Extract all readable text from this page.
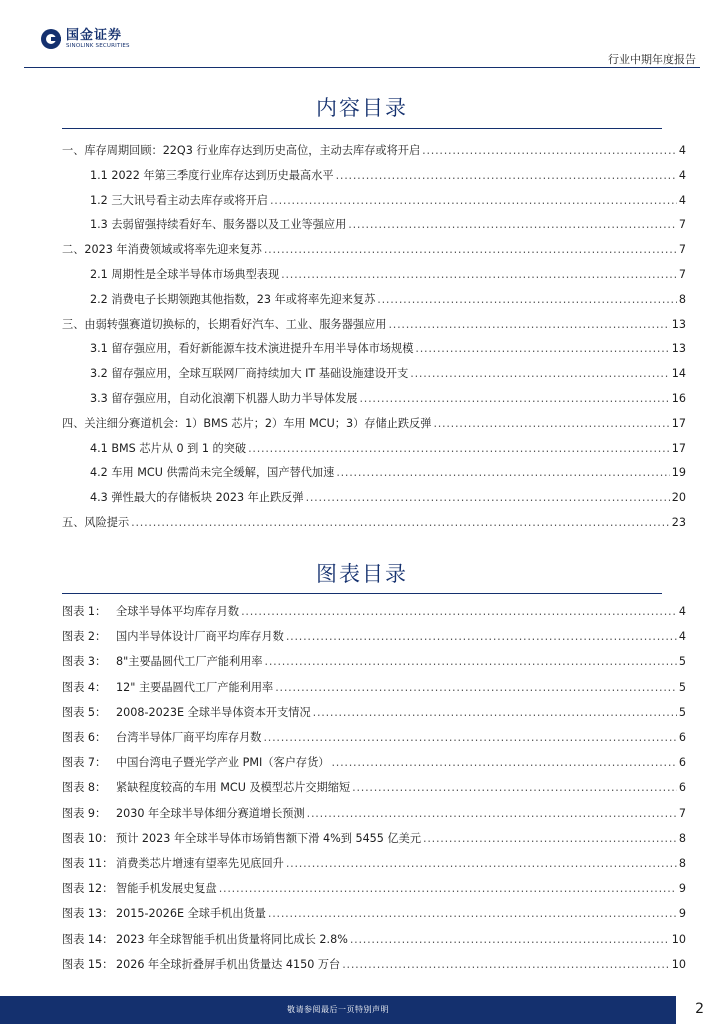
国金证券
SINOLINK SECURITIES
行业中期年度报告
内容目录
一、库存周期回顾：22Q3 行业库存达到历史高位，主动去库存或将开启 . . .	4
1.1 2022 年第三季度行业库存达到历史最高水平 . . .	4
1.2 三大讯号看主动去库存或将开启 . . .	4
1.3 去弱留强持续看好车、服务器以及工业等强应用 . . .	7
二、2023 年消费领域或将率先迎来复苏 . . .	7
2.1 周期性是全球半导体市场典型表现 . . .	7
2.2 消费电子长期领跑其他指数，23 年或将率先迎来复苏 . . .	8
三、由弱转强赛道切换标的，长期看好汽车、工业、服务器强应用 . . .	13
3.1 留存强应用，看好新能源车技术演进提升车用半导体市场规模 . . .	13
3.2 留存强应用，全球互联网厂商持续加大 IT 基础设施建设开支 . . .	14
3.3 留存强应用，自动化浪潮下机器人助力半导体发展 . . .	16
四、关注细分赛道机会：1）BMS 芯片；2）车用 MCU；3）存储止跌反弹 . . .	17
4.1 BMS 芯片从 0 到 1 的突破 . . .	17
4.2 车用 MCU 供需尚未完全缓解，国产替代加速 . . .	19
4.3 弹性最大的存储板块 2023 年止跌反弹 . . .	20
五、风险提示 . . .	23
图表目录
图表 1： 全球半导体平均库存月数 . . .	4
图表 2： 国内半导体设计厂商平均库存月数 . . .	4
图表 3： 8"主要晶圆代工厂产能利用率 . . .	5
图表 4： 12" 主要晶圆代工厂产能利用率 . . .	5
图表 5： 2008-2023E 全球半导体资本开支情况 . . .	5
图表 6： 台湾半导体厂商平均库存月数 . . .	6
图表 7： 中国台湾电子暨光学产业 PMI（客户存货） . . .	6
图表 8： 紧缺程度较高的车用 MCU 及模型芯片交期缩短 . . .	6
图表 9： 2030 年全球半导体细分赛道增长预测 . . .	7
图表 10： 预计 2023 年全球半导体市场销售额下滑 4%到 5455 亿美元 . . .	8
图表 11： 消费类芯片增速有望率先见底回升 . . .	8
图表 12： 智能手机发展史复盘 . . .	9
图表 13： 2015-2026E 全球手机出货量 . . .	9
图表 14： 2023 年全球智能手机出货量将同比成长 2.8% . . .	10
图表 15： 2026 年全球折叠屏手机出货量达 4150 万台 . . .	10
敬请参阅最后一页特别声明	2
